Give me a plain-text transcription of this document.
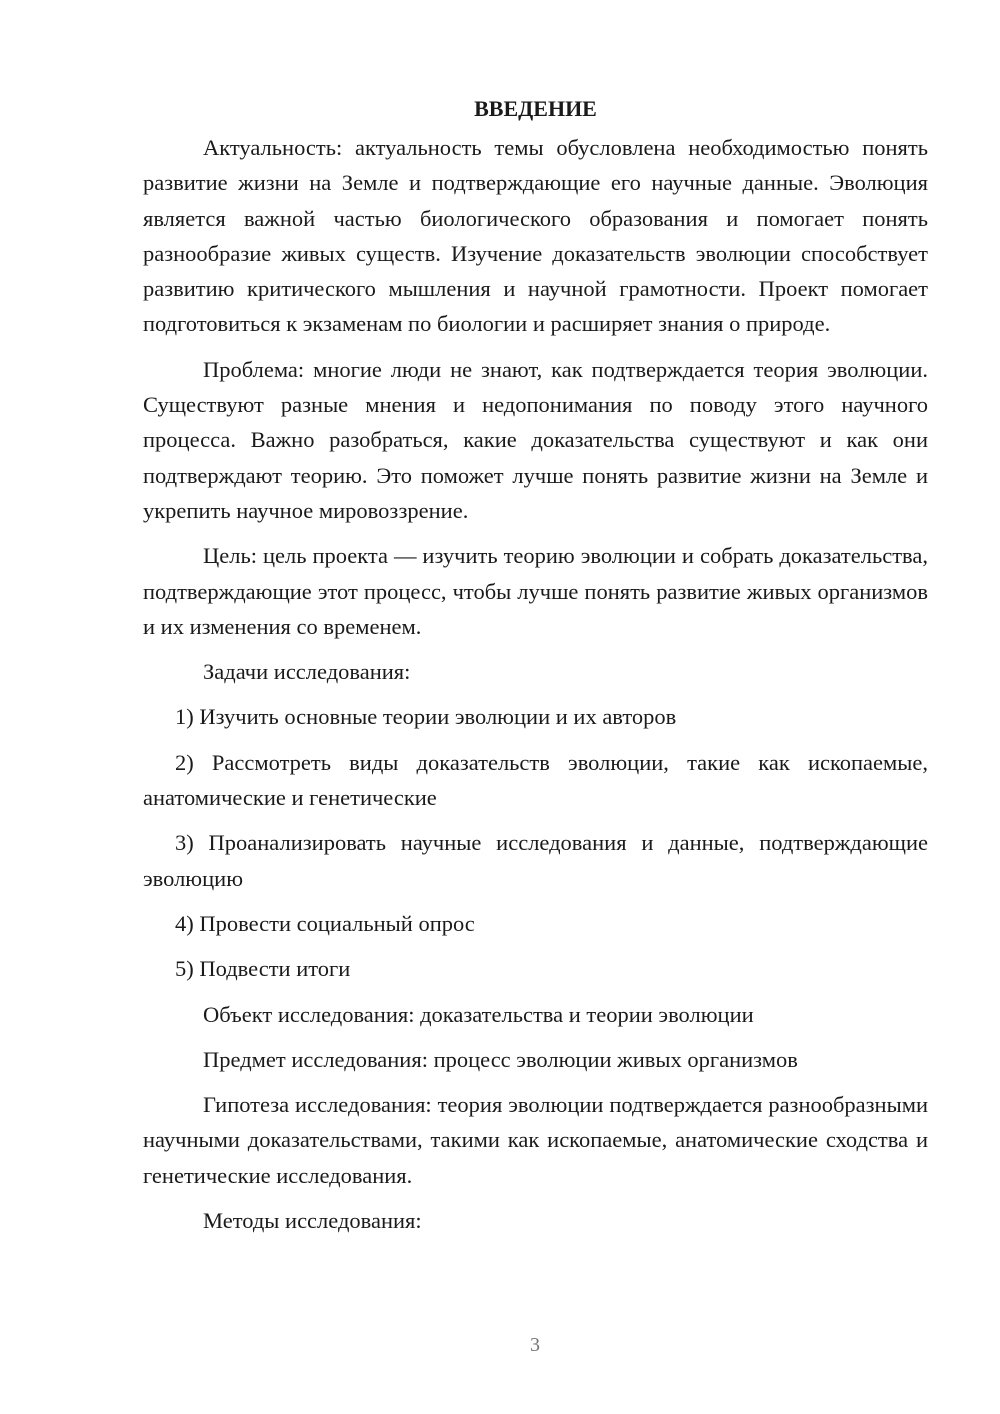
ВВЕДЕНИЕ

Актуальность: актуальность темы обусловлена необходимостью понять развитие жизни на Земле и подтверждающие его научные данные. Эволюция является важной частью биологического образования и помогает понять разнообразие живых существ. Изучение доказательств эволюции способствует развитию критического мышления и научной грамотности. Проект помогает подготовиться к экзаменам по биологии и расширяет знания о природе.

Проблема: многие люди не знают, как подтверждается теория эволюции. Существуют разные мнения и недопонимания по поводу этого научного процесса. Важно разобраться, какие доказательства существуют и как они подтверждают теорию. Это поможет лучше понять развитие жизни на Земле и укрепить научное мировоззрение.

Цель: цель проекта — изучить теорию эволюции и собрать доказательства, подтверждающие этот процесс, чтобы лучше понять развитие живых организмов и их изменения со временем.

Задачи исследования:

1) Изучить основные теории эволюции и их авторов

2) Рассмотреть виды доказательств эволюции, такие как ископаемые, анатомические и генетические

3) Проанализировать научные исследования и данные, подтверждающие эволюцию

4) Провести социальный опрос

5) Подвести итоги

Объект исследования: доказательства и теории эволюции

Предмет исследования: процесс эволюции живых организмов

Гипотеза исследования: теория эволюции подтверждается разнообразными научными доказательствами, такими как ископаемые, анатомические сходства и генетические исследования.

Методы исследования:

3
